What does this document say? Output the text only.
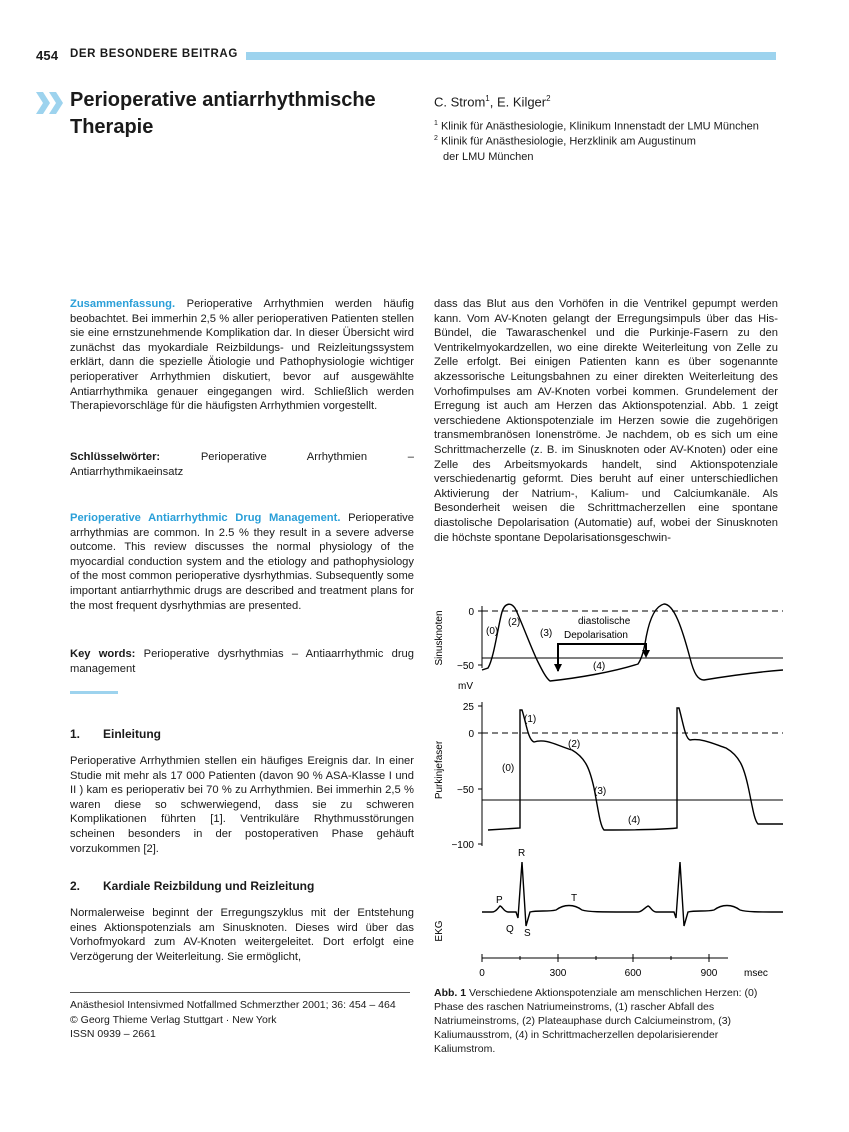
454 DER BESONDERE BEITRAG
Perioperative antiarrhythmische
Therapie
C. Strom$^1$, E. Kilger$^2$
$^1$ Klinik für Anästhesiologie, Klinikum Innenstadt der LMU München
$^2$ Klinik für Anästhesiologie, Herzklinik am Augustinum
der LMU München
Zusammenfassung. Perioperative Arrhythmien werden häufig beobachtet. Bei immerhin 2,5 % aller perioperativen Patienten stellen sie eine ernstzunehmende Komplikation dar. In dieser Übersicht wird zunächst das myokardiale Reizbildungs- und Reizleitungssystem erklärt, dann die spezielle Ätiologie und Pathophysiologie wichtiger perioperativer Arrhythmien diskutiert, bevor auf ausgewählte Antiarrhythmika genauer eingegangen wird. Schließlich werden Therapievorschläge für die häufigsten Arrhythmien vorgestellt.
Schlüsselwörter: Perioperative Arrhythmien – Antiarrhythmikaeinsatz
Perioperative Antiarrhythmic Drug Management. Perioperative arrhythmias are common. In 2.5 % they result in a severe adverse outcome. This review discusses the normal physiology of the myocardial conduction system and the etiology and pathophysiology of the most common perioperative dysrhythmias. Subsequently some important antiarrhythmic drugs are described and treatment plans for the most frequent dysrhythmias are presented.
Key words: Perioperative dysrhythmias – Antiaarrhythmic drug management
1. Einleitung
Perioperative Arrhythmien stellen ein häufiges Ereignis dar. In einer Studie mit mehr als 17 000 Patienten (davon 90 % ASA-Klasse I und II ) kam es perioperativ bei 70 % zu Arrhythmien. Bei immerhin 2,5 % waren diese so schwerwiegend, dass sie zu schweren Komplikationen führten [1]. Ventrikuläre Rhythmusstörungen scheinen besonders in der postoperativen Phase gehäuft vorzukommen [2].
2. Kardiale Reizbildung und Reizleitung
Normalerweise beginnt der Erregungszyklus mit der Entstehung eines Aktionspotenzials am Sinusknoten. Dieses wird über das Vorhofmyokard zum AV-Knoten weitergeleitet. Dort erfolgt eine Verzögerung der Weiterleitung. Sie ermöglicht,
Anästhesiol Intensivmed Notfallmed Schmerzther 2001; 36: 454 – 464
© Georg Thieme Verlag Stuttgart · New York
ISSN 0939 – 2661
dass das Blut aus den Vorhöfen in die Ventrikel gepumpt werden kann. Vom AV-Knoten gelangt der Erregungsimpuls über das His-Bündel, die Tawaraschenkel und die Purkinje-Fasern zu den Ventrikelmyokardzellen, wo eine direkte Weiterleitung von Zelle zu Zelle erfolgt. Bei einigen Patienten kann es über sogenannte akzessorische Leitungsbahnen zu einer direkten Weiterleitung des Vorhofimpulses am AV-Knoten vorbei kommen. Grundelement der Erregung ist auch am Herzen das Aktionspotenzial. Abb. 1 zeigt verschiedene Aktionspotenziale im Herzen sowie die zugehörigen transmembranösen Ionenströme. Je nachdem, ob es sich um eine Schrittmacherzelle (z. B. im Sinusknoten oder AV-Knoten) oder eine Zelle des Arbeitsmyokards handelt, sind Aktionspotenziale verschiedenartig geformt. Dies beruht auf einer unterschiedlichen Aktivierung der Natrium-, Kalium- und Calciumkanäle. Als Besonderheit weisen die Schrittmacherzellen eine spontane diastolische Depolarisation (Automatie) auf, wobei der Sinusknoten die höchste spontane Depolarisationsgeschwin-
Sinusknoten 0
−50
mV
(0)
(2)
(3)
(4)
diastolische
Depolarisation
Purkinjefaser
25
0
−50
−100
(1)
(2)
(0)
(3)
(4)
EKG
R
P	T
Q S
0	300	600	900	msec
Abb. 1 Verschiedene Aktionspotenziale am menschlichen Herzen: (0) Phase des raschen Natriumeinstroms, (1) rascher Abfall des Natriumeinstroms, (2) Plateauphase durch Calciumeinstrom, (3) Kaliumausstrom, (4) in Schrittmacherzellen depolarisierender Kaliumstrom.
